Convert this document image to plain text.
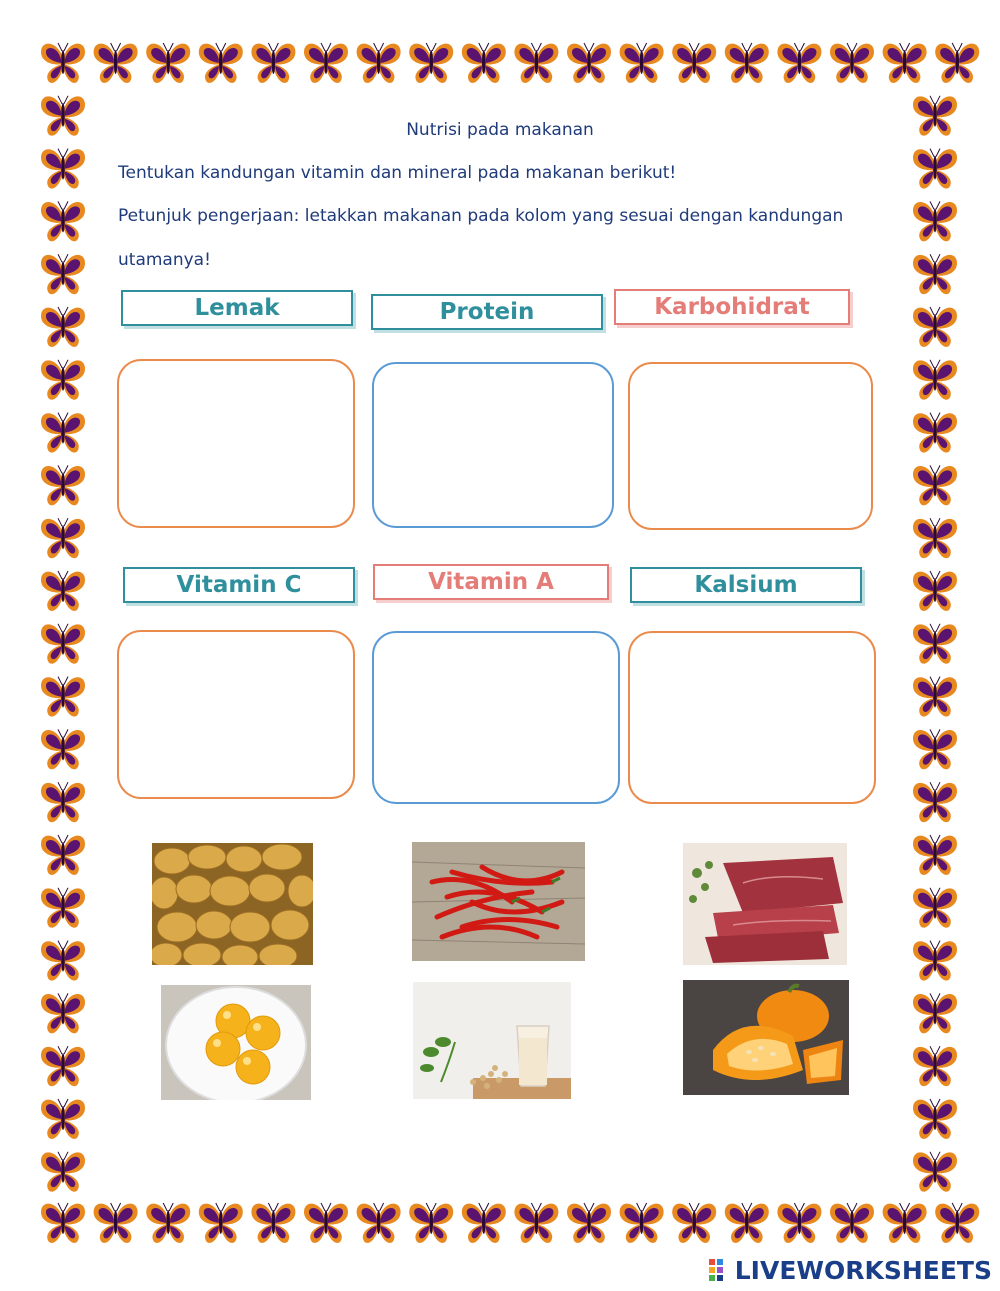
Nutrisi pada makanan
Tentukan kandungan vitamin dan mineral pada makanan berikut!
Petunjuk pengerjaan: letakkan makanan pada kolom yang sesuai dengan kandungan
utamanya!
Lemak	Protein	Karbohidrat
Vitamin C	Vitamin A	Kalsium
LIVEWORKSHEETS
